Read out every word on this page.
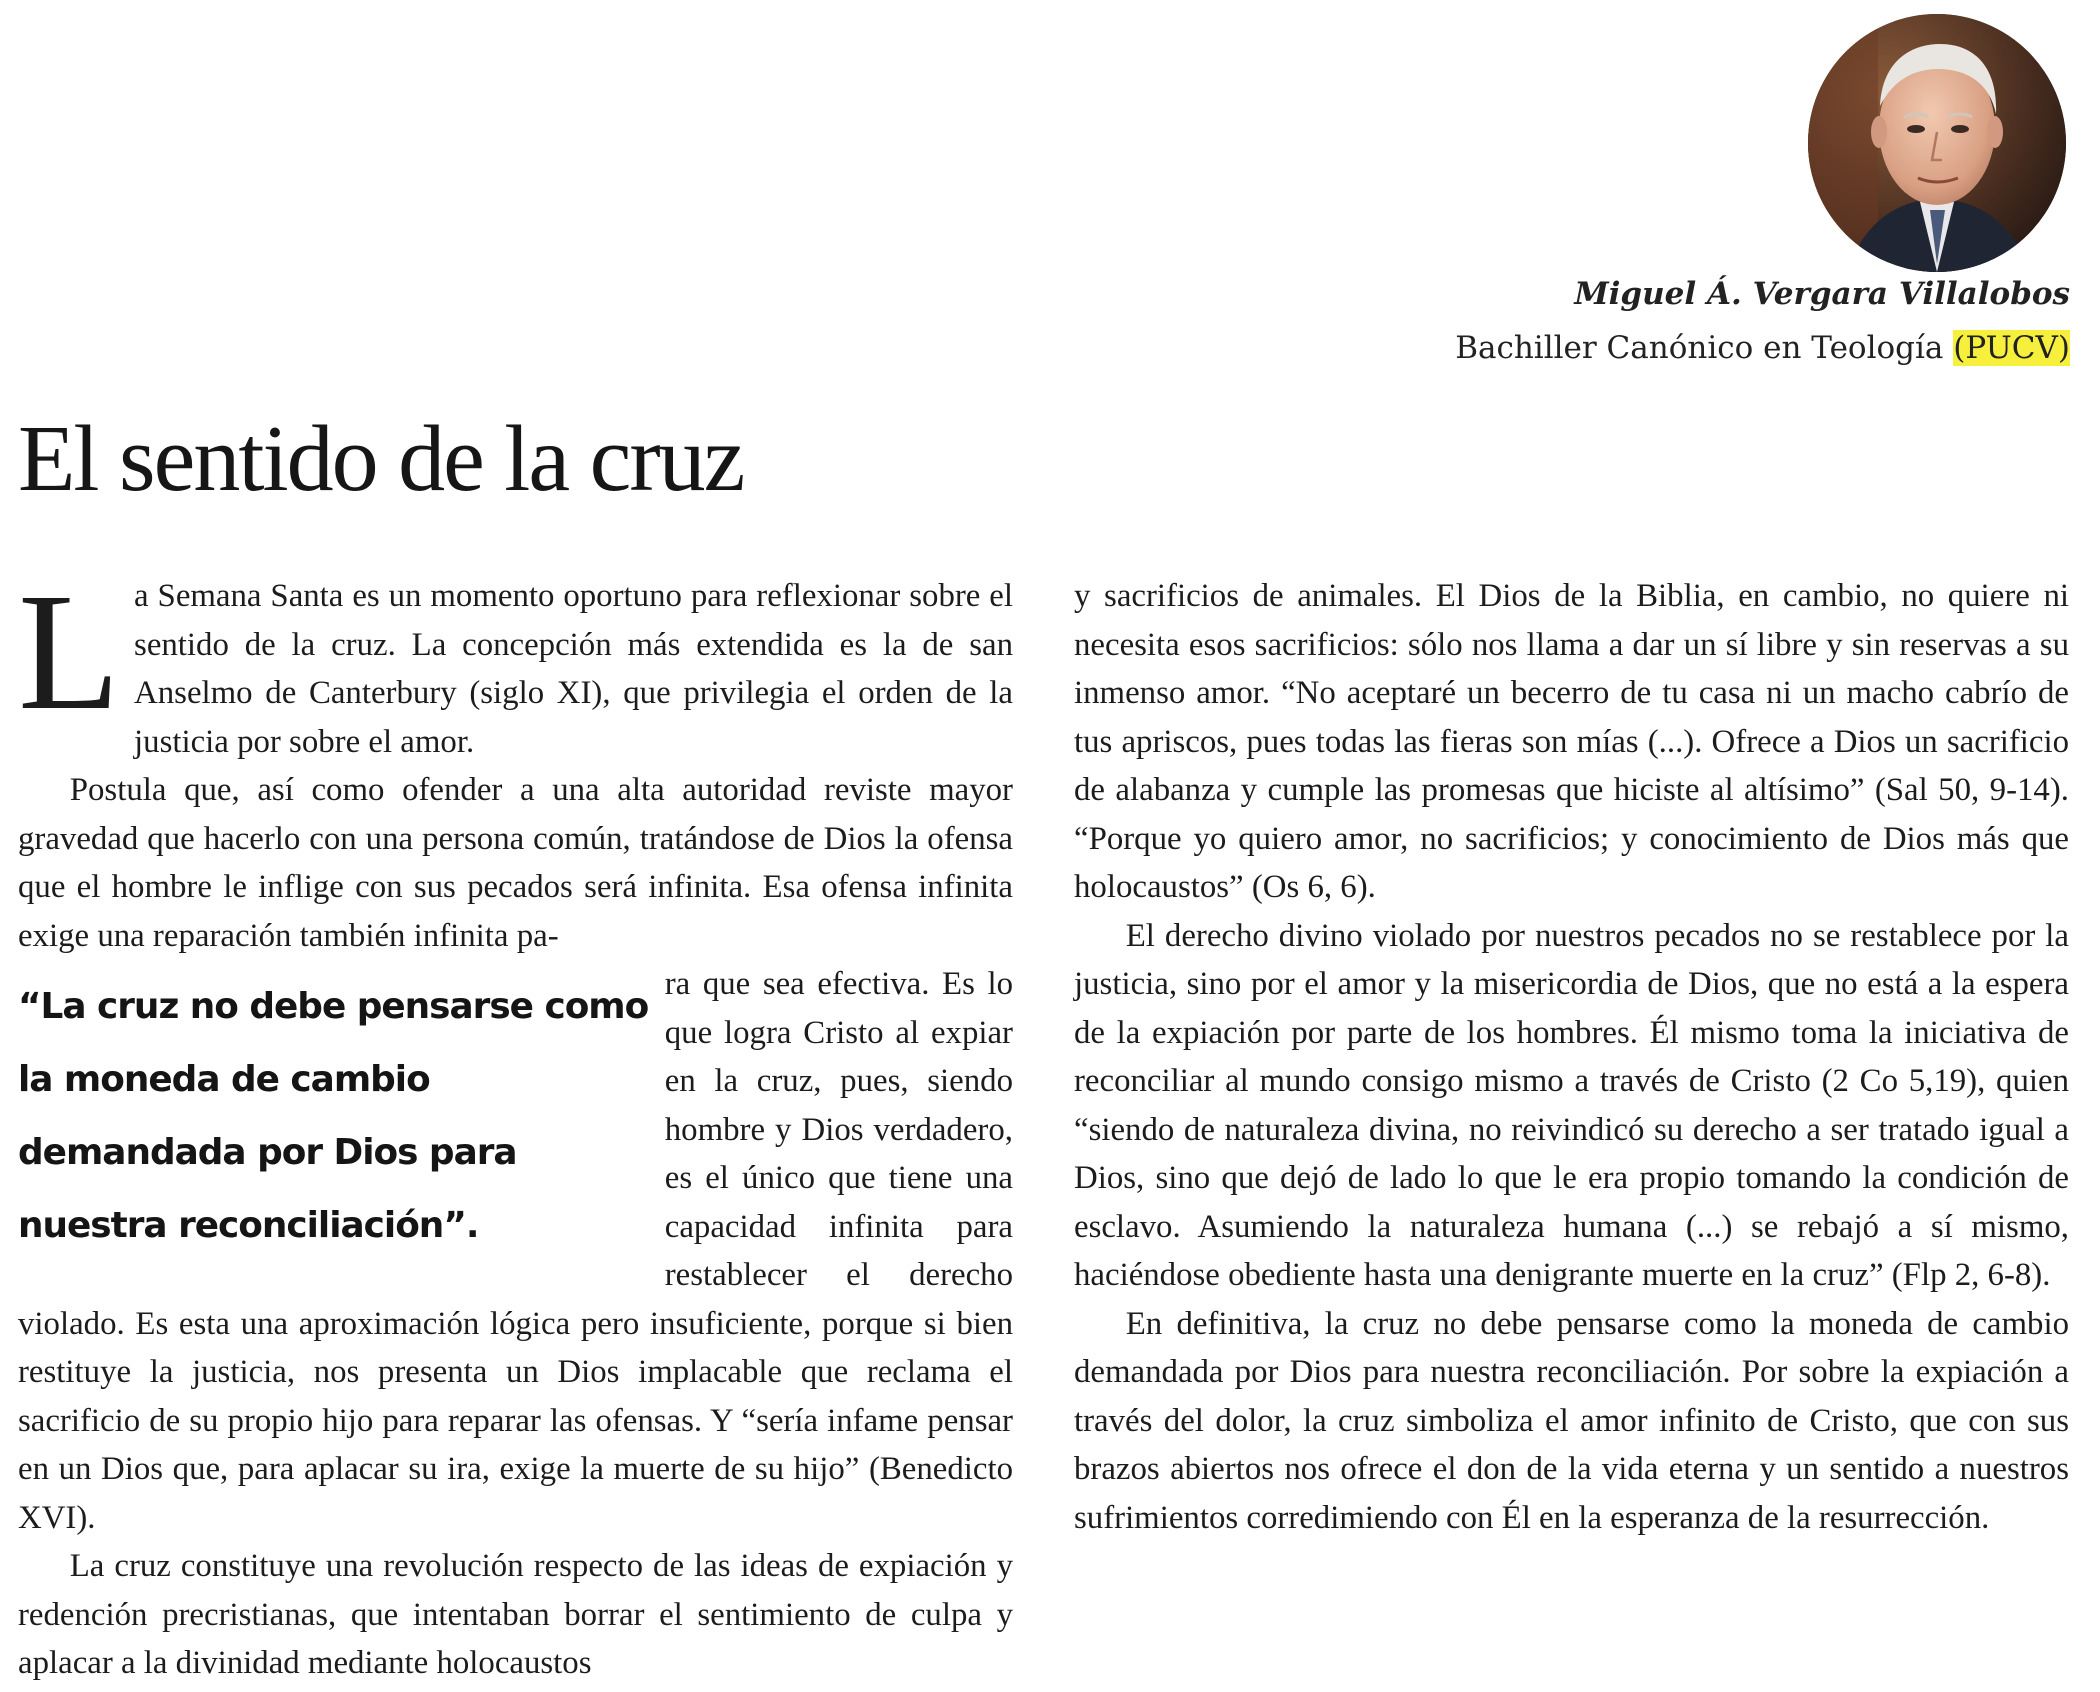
Miguel Á. Vergara Villalobos

Bachiller Canónico en Teología (PUCV)

El sentido de la cruz

La Semana Santa es un momento oportuno para reflexionar sobre el sentido de la cruz. La concepción más extendida es la de san Anselmo de Canterbury (siglo XI), que privilegia el orden de la justicia por sobre el amor.

Postula que, así como ofender a una alta autoridad reviste mayor gravedad que hacerlo con una persona común, tratándose de Dios la ofensa que el hombre le inflige con sus pecados será infinita. Esa ofensa infinita exige una reparación también infinita pa-

“La cruz no debe pensarse como la moneda de cambio demandada por Dios para nuestra reconciliación”.

ra que sea efectiva. Es lo que logra Cristo al expiar en la cruz, pues, siendo hombre y Dios verdadero, es el único que tiene una capacidad infinita para restablecer el derecho violado. Es esta una aproximación lógica pero insuficiente, porque si bien restituye la justicia, nos presenta un Dios implacable que reclama el sacrificio de su propio hijo para reparar las ofensas. Y “sería infame pensar en un Dios que, para aplacar su ira, exige la muerte de su hijo” (Benedicto XVI).

La cruz constituye una revolución respecto de las ideas de expiación y redención precristianas, que intentaban borrar el sentimiento de culpa y aplacar a la divinidad mediante holocaustos

y sacrificios de animales. El Dios de la Biblia, en cambio, no quiere ni necesita esos sacrificios: sólo nos llama a dar un sí libre y sin reservas a su inmenso amor. “No aceptaré un becerro de tu casa ni un macho cabrío de tus apriscos, pues todas las fieras son mías (...). Ofrece a Dios un sacrificio de alabanza y cumple las promesas que hiciste al altísimo” (Sal 50, 9-14). “Porque yo quiero amor, no sacrificios; y conocimiento de Dios más que holocaustos” (Os 6, 6).

El derecho divino violado por nuestros pecados no se restablece por la justicia, sino por el amor y la misericordia de Dios, que no está a la espera de la expiación por parte de los hombres. Él mismo toma la iniciativa de reconciliar al mundo consigo mismo a través de Cristo (2 Co 5,19), quien “siendo de naturaleza divina, no reivindicó su derecho a ser tratado igual a Dios, sino que dejó de lado lo que le era propio tomando la condición de esclavo. Asumiendo la naturaleza humana (...) se rebajó a sí mismo, haciéndose obediente hasta una denigrante muerte en la cruz” (Flp 2, 6-8).

En definitiva, la cruz no debe pensarse como la moneda de cambio demandada por Dios para nuestra reconciliación. Por sobre la expiación a través del dolor, la cruz simboliza el amor infinito de Cristo, que con sus brazos abiertos nos ofrece el don de la vida eterna y un sentido a nuestros sufrimientos corredimiendo con Él en la esperanza de la resurrección.
